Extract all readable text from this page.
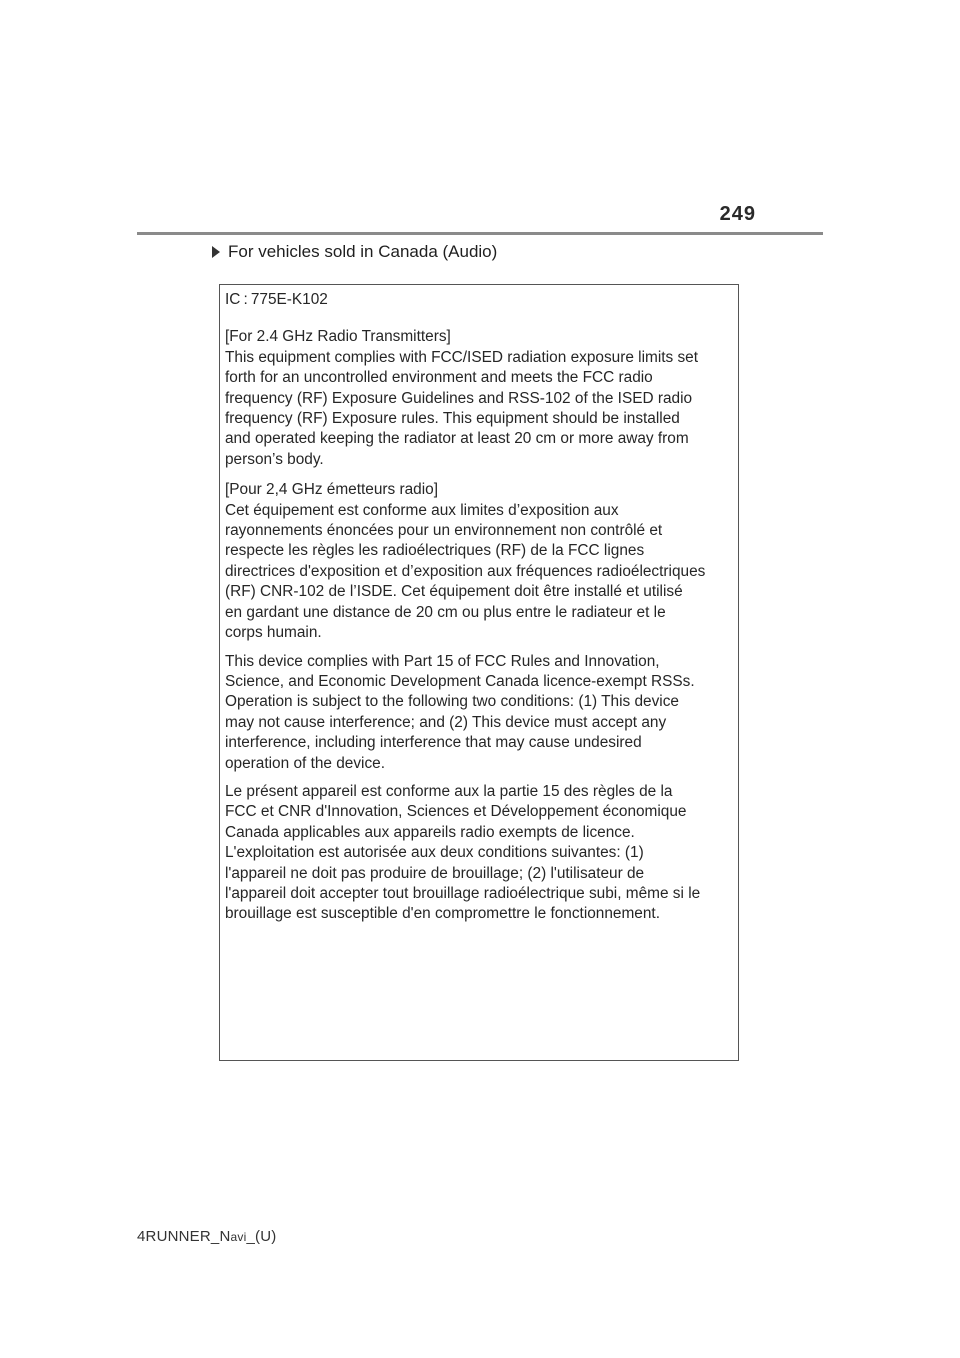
249
For vehicles sold in Canada (Audio)
IC : 775E-K102

[For 2.4 GHz Radio Transmitters]
This equipment complies with FCC/ISED radiation exposure limits set
forth for an uncontrolled environment and meets the FCC radio
frequency (RF) Exposure Guidelines and RSS-102 of the ISED radio
frequency (RF) Exposure rules. This equipment should be installed
and operated keeping the radiator at least 20 cm or more away from
person’s body.

[Pour 2,4 GHz émetteurs radio]
Cet équipement est conforme aux limites d’exposition aux
rayonnements énoncées pour un environnement non contrôlé et
respecte les règles les radioélectriques (RF) de la FCC lignes
directrices d'exposition et d’exposition aux fréquences radioélectriques
(RF) CNR-102 de l’ISDE. Cet équipement doit être installé et utilisé
en gardant une distance de 20 cm ou plus entre le radiateur et le
corps humain.

This device complies with Part 15 of FCC Rules and Innovation,
Science, and Economic Development Canada licence-exempt RSSs.
Operation is subject to the following two conditions: (1) This device
may not cause interference; and (2) This device must accept any
interference, including interference that may cause undesired
operation of the device.

Le présent appareil est conforme aux la partie 15 des règles de la
FCC et CNR d'Innovation, Sciences et Développement économique
Canada applicables aux appareils radio exempts de licence.
L'exploitation est autorisée aux deux conditions suivantes: (1)
l'appareil ne doit pas produire de brouillage; (2) l'utilisateur de
l'appareil doit accepter tout brouillage radioélectrique subi, même si le
brouillage est susceptible d'en compromettre le fonctionnement.

4RUNNER_Navi_(U)
